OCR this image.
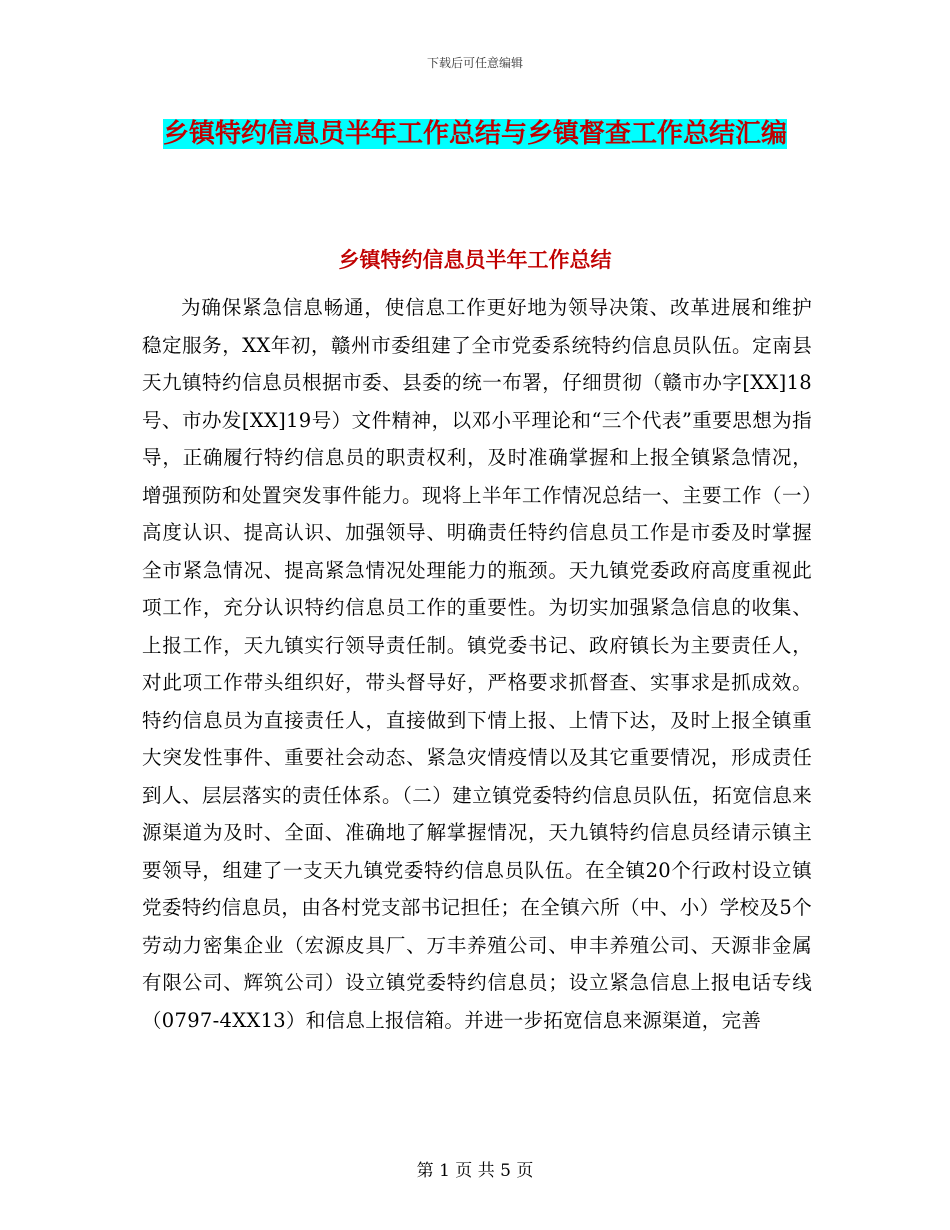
下载后可任意编辑
乡镇特约信息员半年工作总结与乡镇督查工作总结汇编
乡镇特约信息员半年工作总结

为确保紧急信息畅通，使信息工作更好地为领导决策、改革进展和维护稳定服务，XX年初，赣州市委组建了全市党委系统特约信息员队伍。定南县天九镇特约信息员根据市委、县委的统一布署，仔细贯彻（赣市办字[XX]18号、市办发[XX]19号）文件精神，以邓小平理论和“三个代表”重要思想为指导，正确履行特约信息员的职责权利，及时准确掌握和上报全镇紧急情况，增强预防和处置突发事件能力。现将上半年工作情况总结一、主要工作（一）高度认识、提高认识、加强领导、明确责任特约信息员工作是市委及时掌握全市紧急情况、提高紧急情况处理能力的瓶颈。天九镇党委政府高度重视此项工作，充分认识特约信息员工作的重要性。为切实加强紧急信息的收集、上报工作，天九镇实行领导责任制。镇党委书记、政府镇长为主要责任人，对此项工作带头组织好，带头督导好，严格要求抓督查、实事求是抓成效。特约信息员为直接责任人，直接做到下情上报、上情下达，及时上报全镇重大突发性事件、重要社会动态、紧急灾情疫情以及其它重要情况，形成责任到人、层层落实的责任体系。（二）建立镇党委特约信息员队伍，拓宽信息来源渠道为及时、全面、准确地了解掌握情况，天九镇特约信息员经请示镇主要领导，组建了一支天九镇党委特约信息员队伍。在全镇20个行政村设立镇党委特约信息员，由各村党支部书记担任；在全镇六所（中、小）学校及5个劳动力密集企业（宏源皮具厂、万丰养殖公司、申丰养殖公司、天源非金属有限公司、辉筑公司）设立镇党委特约信息员；设立紧急信息上报电话专线（0797-4XX13）和信息上报信箱。并进一步拓宽信息来源渠道，完善

第 1 页 共 5 页
